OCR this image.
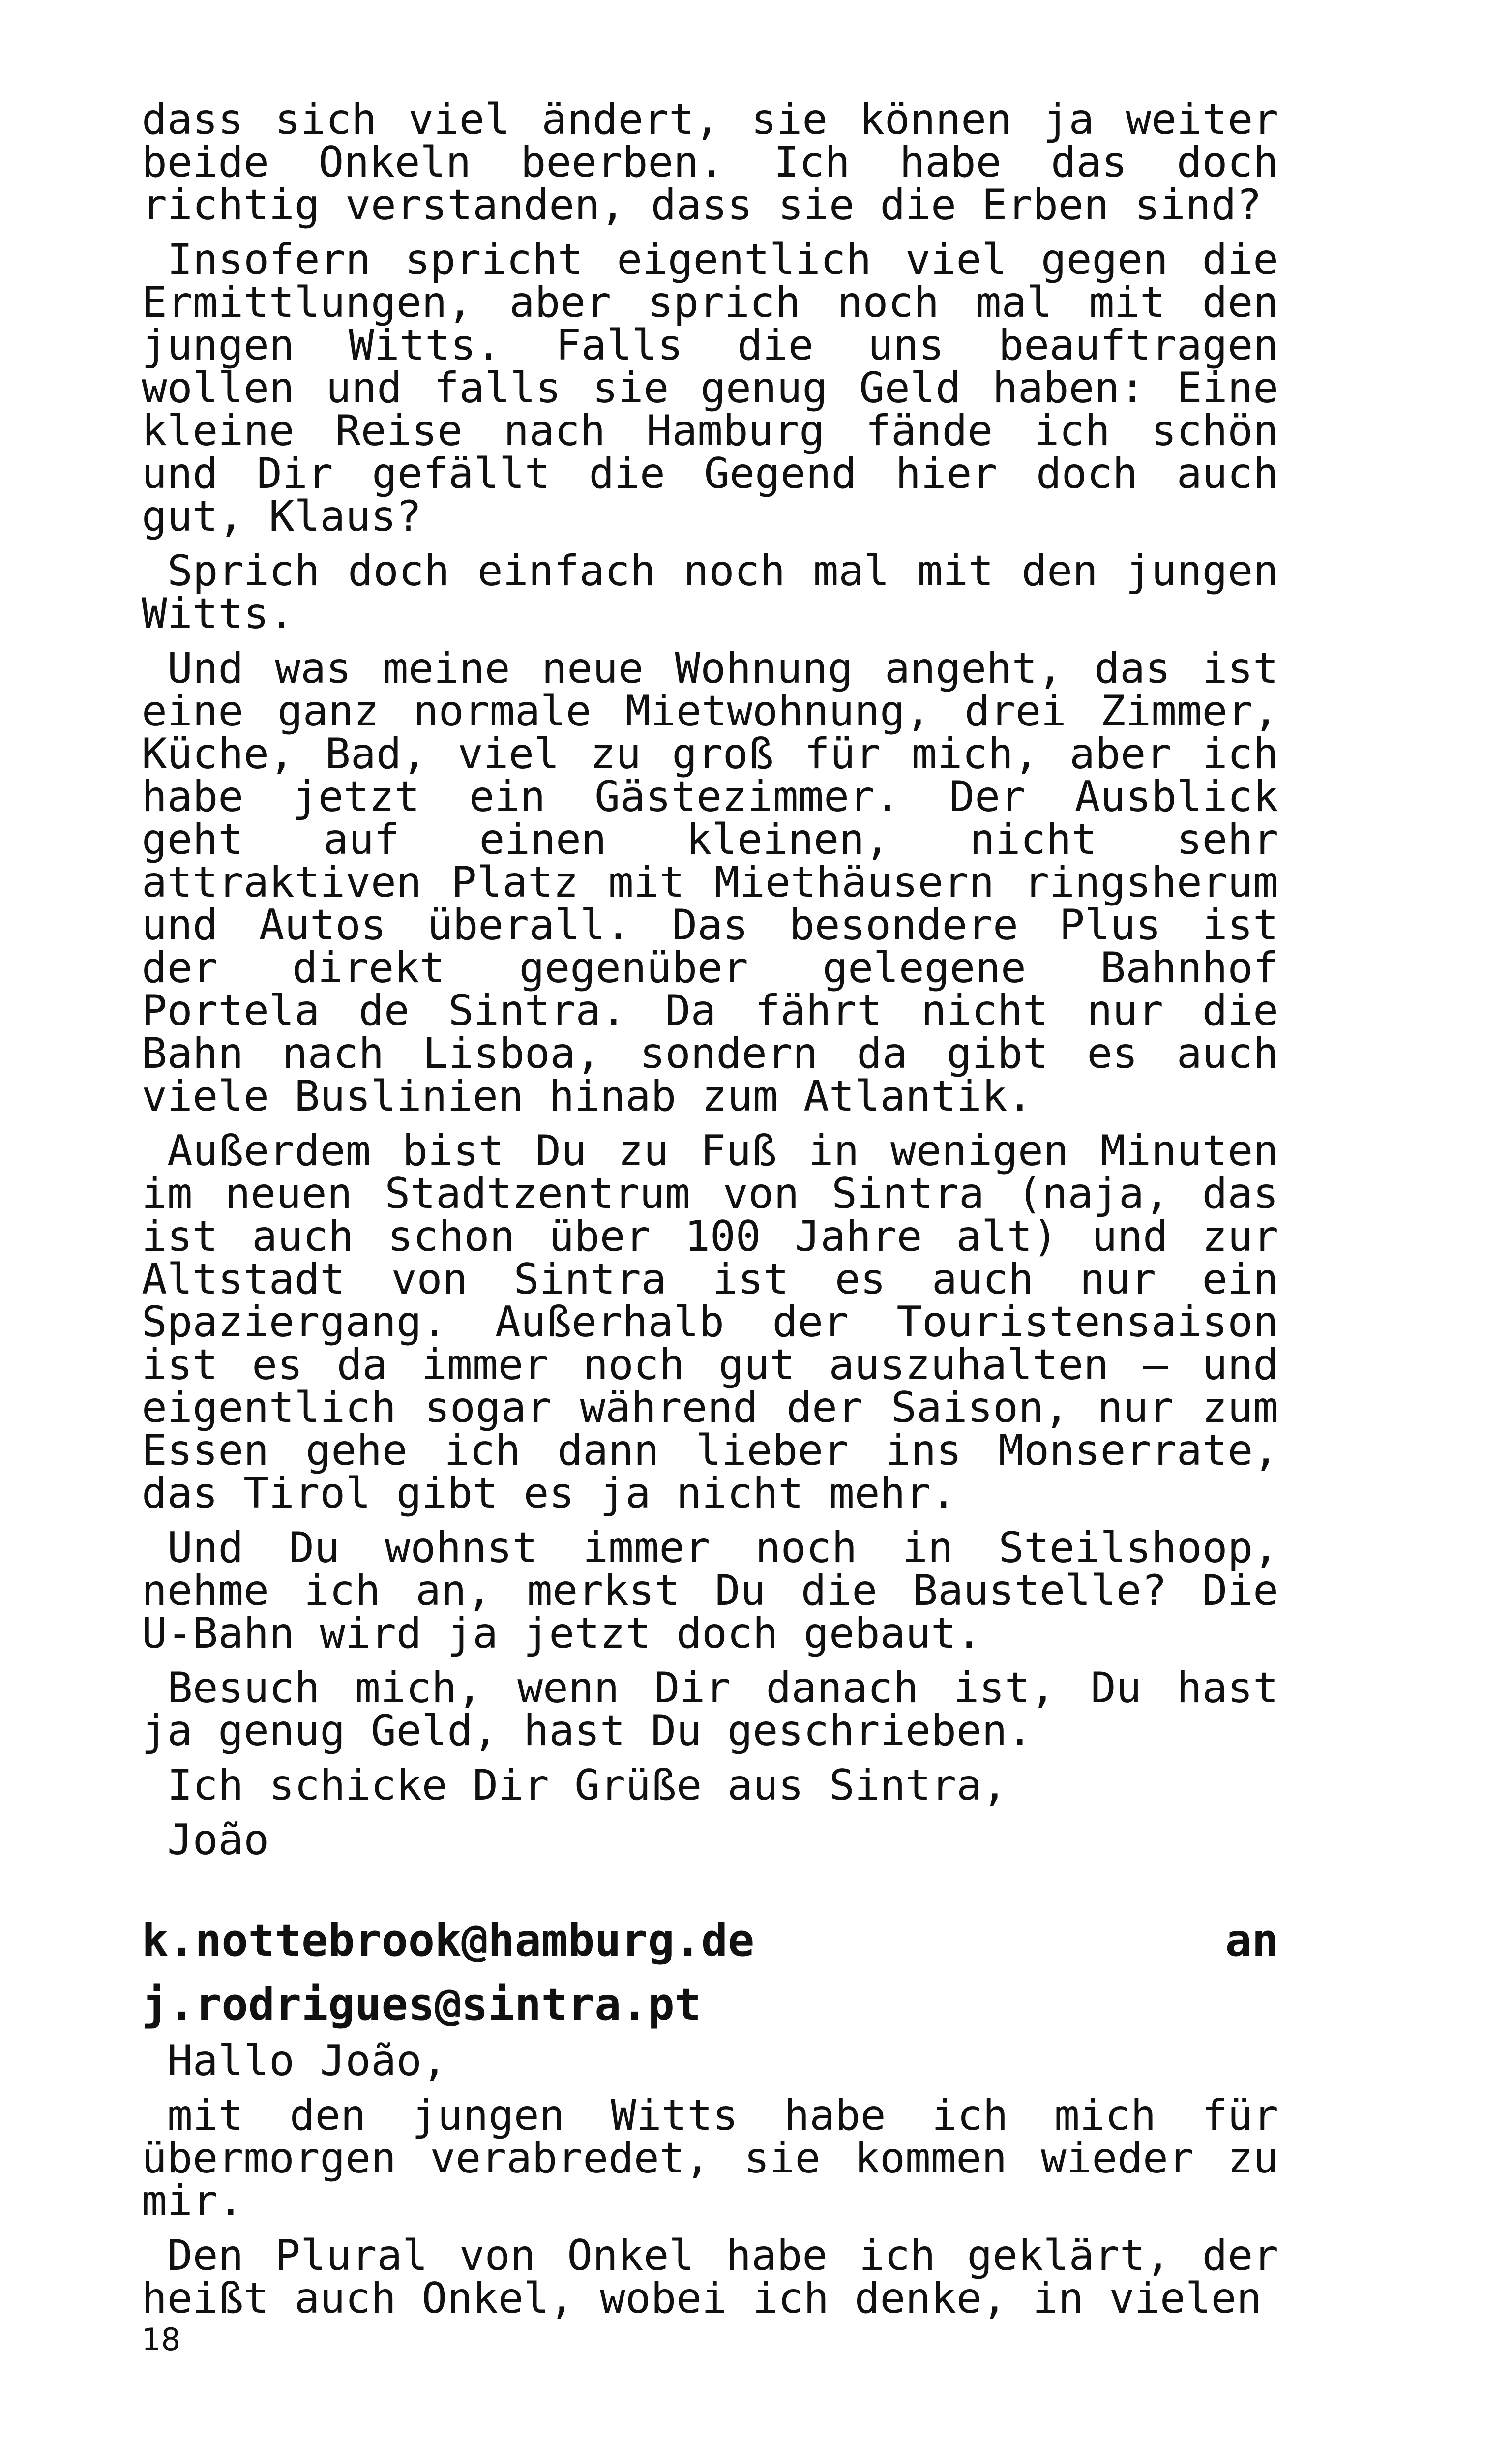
dass sich viel ändert, sie können ja weiter beide Onkeln beerben. Ich habe das doch richtig verstanden, dass sie die Erben sind?

Insofern spricht eigentlich viel gegen die Ermittlungen, aber sprich noch mal mit den jungen Witts. Falls die uns beauftragen wollen und falls sie genug Geld haben: Eine kleine Reise nach Hamburg fände ich schön und Dir gefällt die Gegend hier doch auch gut, Klaus?

Sprich doch einfach noch mal mit den jungen Witts.

Und was meine neue Wohnung angeht, das ist eine ganz normale Mietwohnung, drei Zimmer, Küche, Bad, viel zu groß für mich, aber ich habe jetzt ein Gästezimmer. Der Ausblick geht auf einen kleinen, nicht sehr attraktiven Platz mit Miethäusern ringsherum und Autos überall. Das besondere Plus ist der direkt gegenüber gelegene Bahnhof Portela de Sintra. Da fährt nicht nur die Bahn nach Lisboa, sondern da gibt es auch viele Buslinien hinab zum Atlantik.

Außerdem bist Du zu Fuß in wenigen Minuten im neuen Stadtzentrum von Sintra (naja, das ist auch schon über 100 Jahre alt) und zur Altstadt von Sintra ist es auch nur ein Spaziergang. Außerhalb der Touristensaison ist es da immer noch gut auszuhalten – und eigentlich sogar während der Saison, nur zum Essen gehe ich dann lieber ins Monserrate, das Tirol gibt es ja nicht mehr.

Und Du wohnst immer noch in Steilshoop, nehme ich an, merkst Du die Baustelle? Die U-Bahn wird ja jetzt doch gebaut.

Besuch mich, wenn Dir danach ist, Du hast ja genug Geld, hast Du geschrieben.

Ich schicke Dir Grüße aus Sintra,

João

k.nottebrook@hamburg.de	an
j.rodrigues@sintra.pt

Hallo João,

mit den jungen Witts habe ich mich für übermorgen verabredet, sie kommen wieder zu mir.

Den Plural von Onkel habe ich geklärt, der heißt auch Onkel, wobei ich denke, in vielen

18
